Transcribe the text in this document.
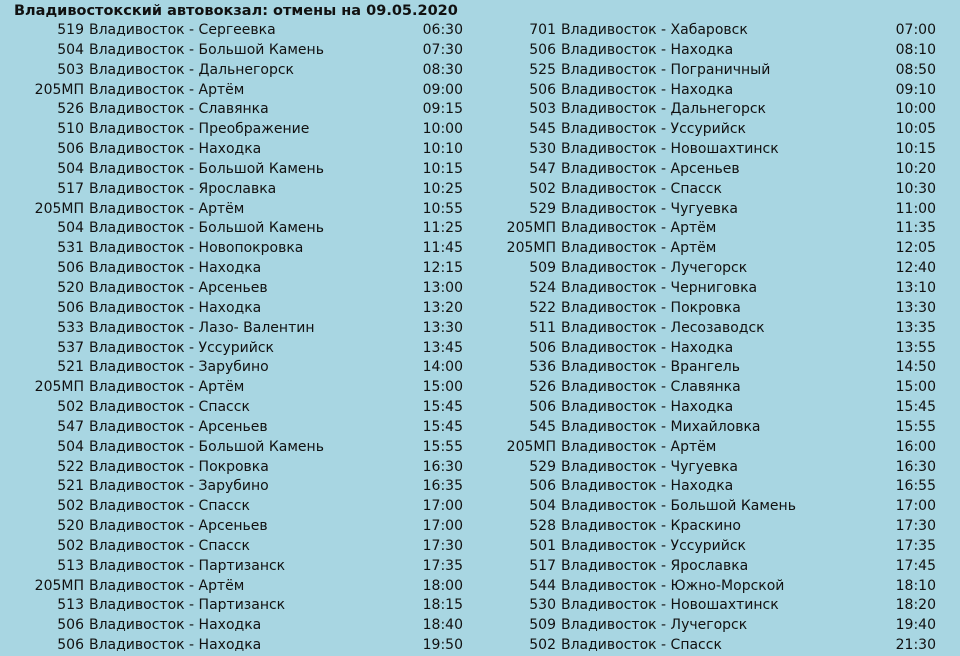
Владивостокский автовокзал: отмены на 09.05.2020
519 Владивосток - Сергеевка	06:30
504 Владивосток - Большой Камень	07:30
503 Владивосток - Дальнегорск	08:30
205МП Владивосток - Артём	09:00
526 Владивосток - Славянка	09:15
510 Владивосток - Преображение	10:00
506 Владивосток - Находка	10:10
504 Владивосток - Большой Камень	10:15
517 Владивосток - Ярославка	10:25
205МП Владивосток - Артём	10:55
504 Владивосток - Большой Камень	11:25
531 Владивосток - Новопокровка	11:45
506 Владивосток - Находка	12:15
520 Владивосток - Арсеньев	13:00
506 Владивосток - Находка	13:20
533 Владивосток - Лазо- Валентин	13:30
537 Владивосток - Уссурийск	13:45
521 Владивосток - Зарубино	14:00
205МП Владивосток - Артём	15:00
502 Владивосток - Спасск	15:45
547 Владивосток - Арсеньев	15:45
504 Владивосток - Большой Камень	15:55
522 Владивосток - Покровка	16:30
521 Владивосток - Зарубино	16:35
502 Владивосток - Спасск	17:00
520 Владивосток - Арсеньев	17:00
502 Владивосток - Спасск	17:30
513 Владивосток - Партизанск	17:35
205МП Владивосток - Артём	18:00
513 Владивосток - Партизанск	18:15
506 Владивосток - Находка	18:40
506 Владивосток - Находка	19:50
701 Владивосток - Хабаровск	07:00
506 Владивосток - Находка	08:10
525 Владивосток - Пограничный	08:50
506 Владивосток - Находка	09:10
503 Владивосток - Дальнегорск	10:00
545 Владивосток - Уссурийск	10:05
530 Владивосток - Новошахтинск	10:15
547 Владивосток - Арсеньев	10:20
502 Владивосток - Спасск	10:30
529 Владивосток - Чугуевка	11:00
205МП Владивосток - Артём	11:35
205МП Владивосток - Артём	12:05
509 Владивосток - Лучегорск	12:40
524 Владивосток - Черниговка	13:10
522 Владивосток - Покровка	13:30
511 Владивосток - Лесозаводск	13:35
506 Владивосток - Находка	13:55
536 Владивосток - Врангель	14:50
526 Владивосток - Славянка	15:00
506 Владивосток - Находка	15:45
545 Владивосток - Михайловка	15:55
205МП Владивосток - Артём	16:00
529 Владивосток - Чугуевка	16:30
506 Владивосток - Находка	16:55
504 Владивосток - Большой Камень	17:00
528 Владивосток - Краскино	17:30
501 Владивосток - Уссурийск	17:35
517 Владивосток - Ярославка	17:45
544 Владивосток - Южно-Морской	18:10
530 Владивосток - Новошахтинск	18:20
509 Владивосток - Лучегорск	19:40
502 Владивосток - Спасск	21:30
